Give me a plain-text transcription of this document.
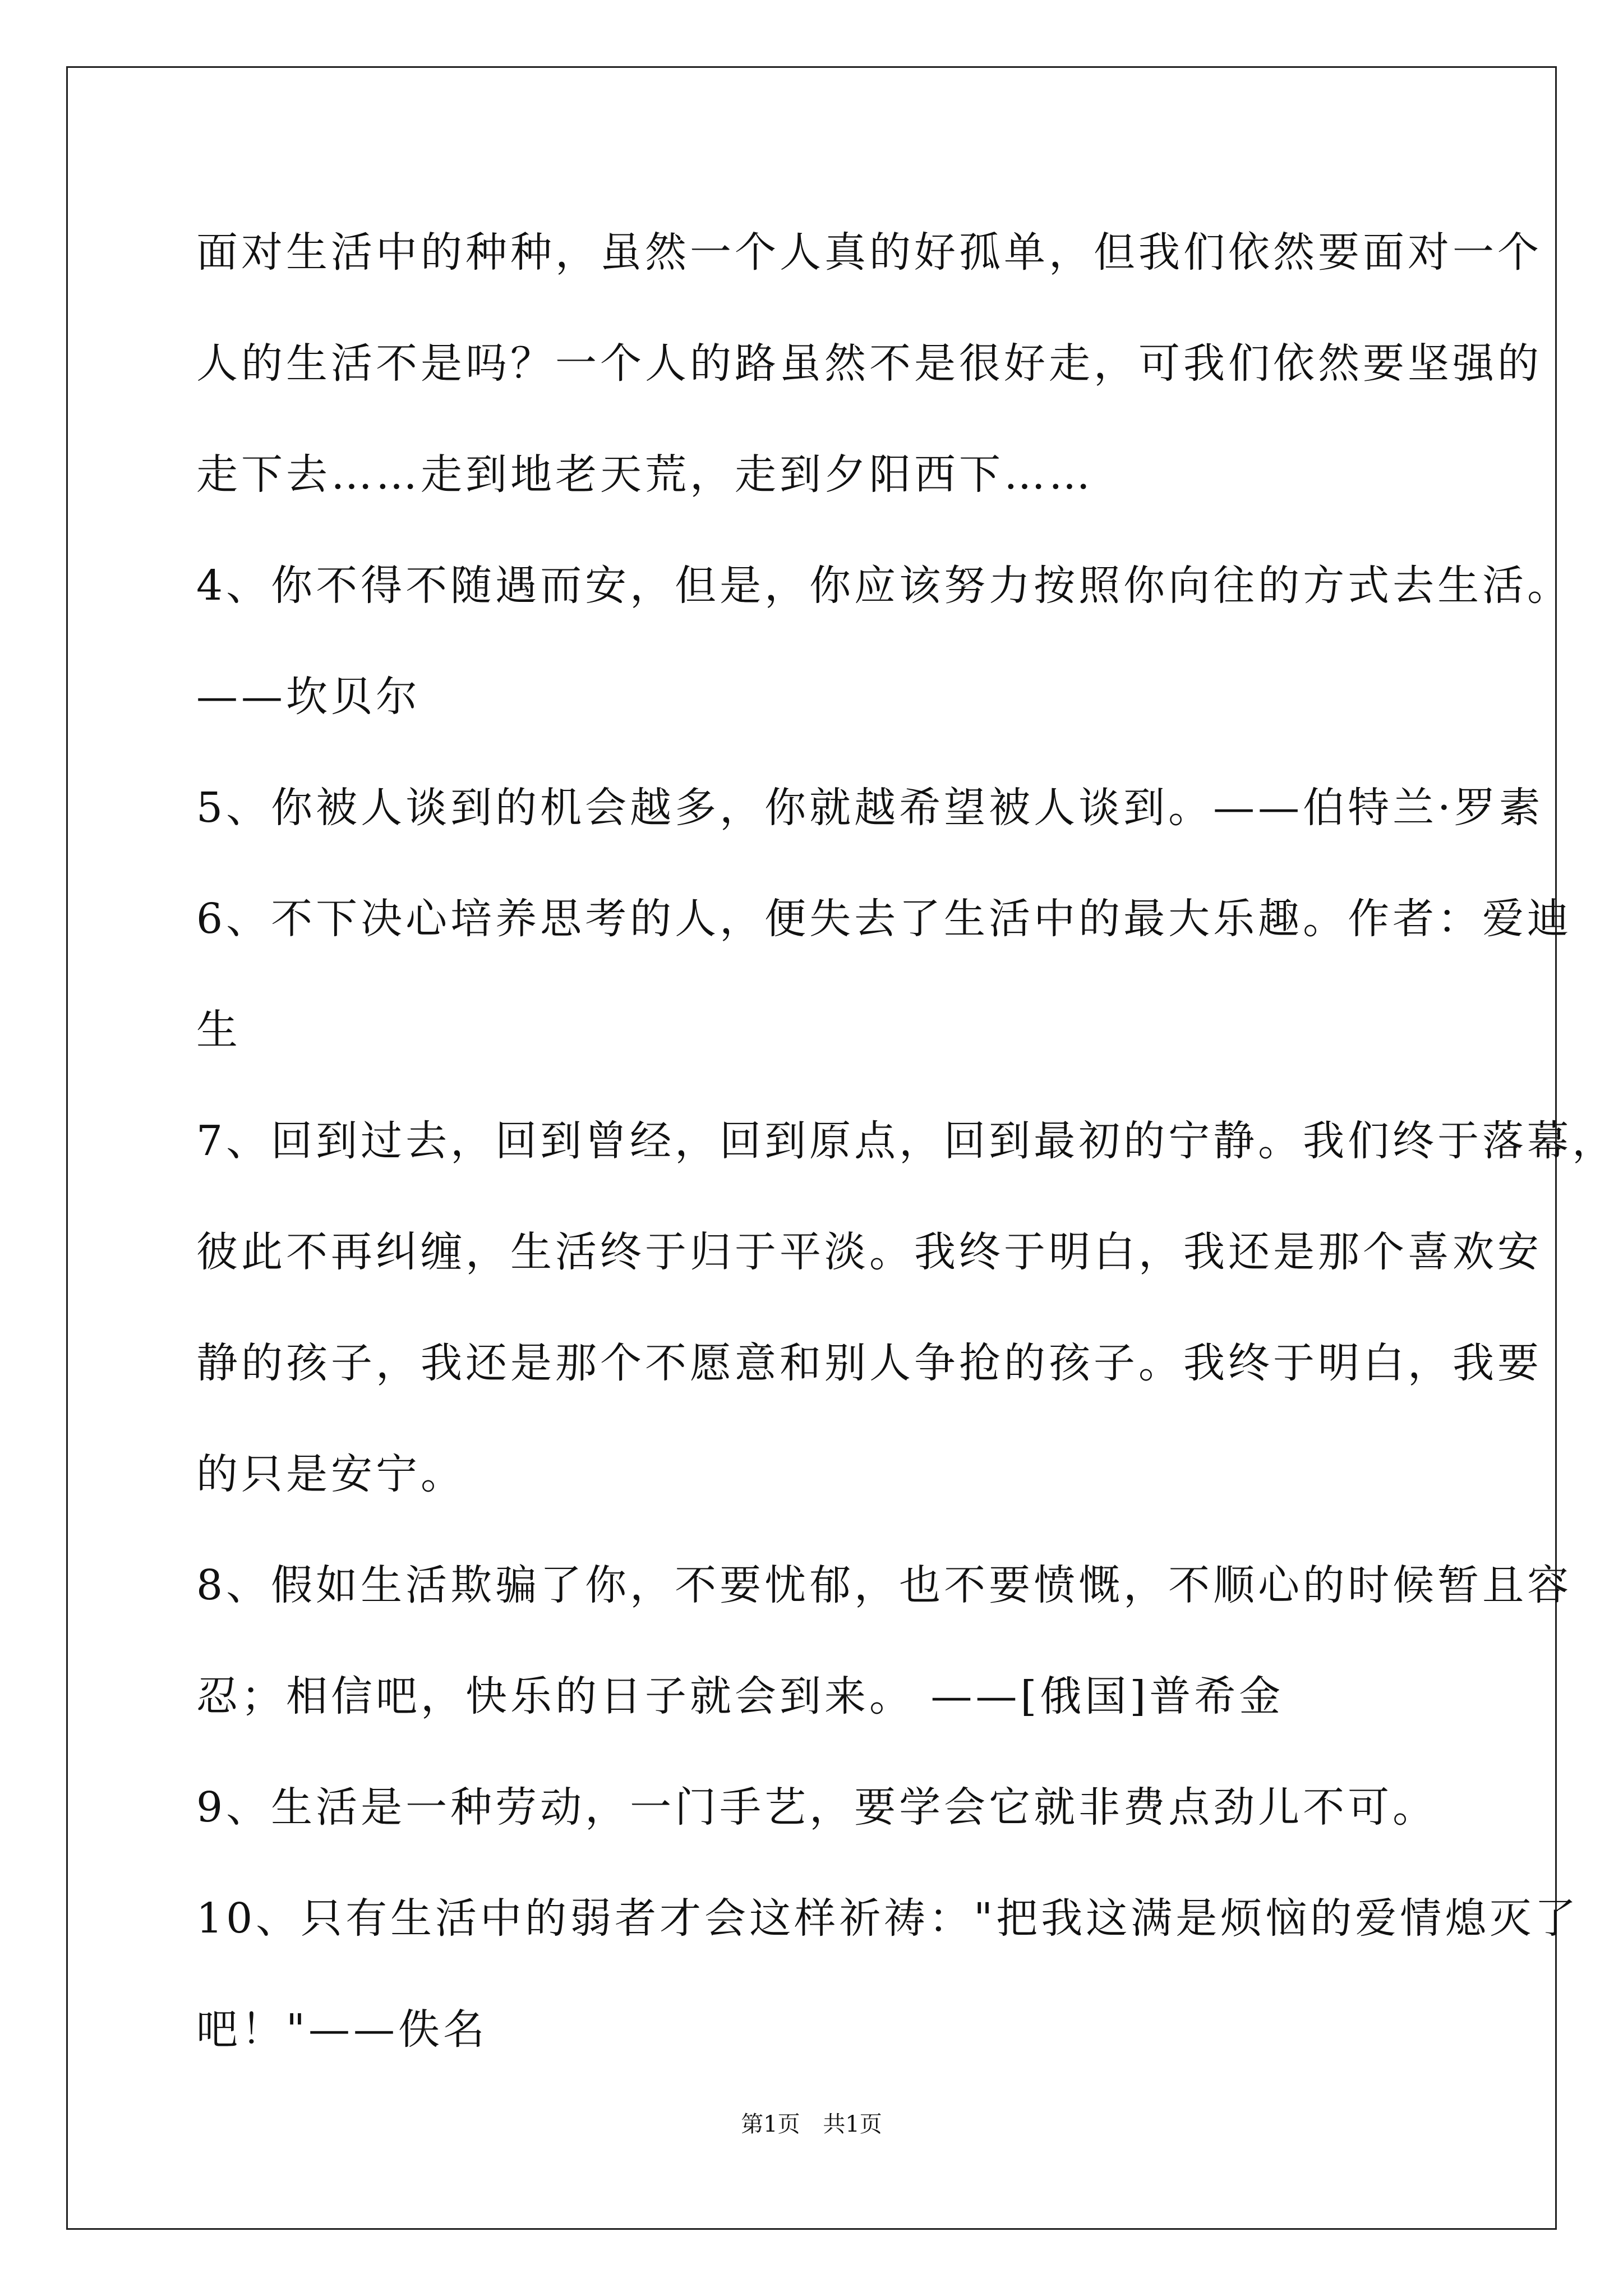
面对生活中的种种，虽然一个人真的好孤单，但我们依然要面对一个
人的生活不是吗？一个人的路虽然不是很好走，可我们依然要坚强的
走下去……走到地老天荒，走到夕阳西下……
4、你不得不随遇而安，但是，你应该努力按照你向往的方式去生活。
——坎贝尔
5、你被人谈到的机会越多，你就越希望被人谈到。——伯特兰·罗素
6、不下决心培养思考的人，便失去了生活中的最大乐趣。作者：爱迪
生
7、回到过去，回到曾经，回到原点，回到最初的宁静。我们终于落幕，
彼此不再纠缠，生活终于归于平淡。我终于明白，我还是那个喜欢安
静的孩子，我还是那个不愿意和别人争抢的孩子。我终于明白，我要
的只是安宁。
8、假如生活欺骗了你，不要忧郁，也不要愤慨，不顺心的时候暂且容
忍；相信吧，快乐的日子就会到来。 ——[俄国]普希金
9、生活是一种劳动，一门手艺，要学会它就非费点劲儿不可。
10、只有生活中的弱者才会这样祈祷："把我这满是烦恼的爱情熄灭了
吧！"——佚名
第1页 共1页
